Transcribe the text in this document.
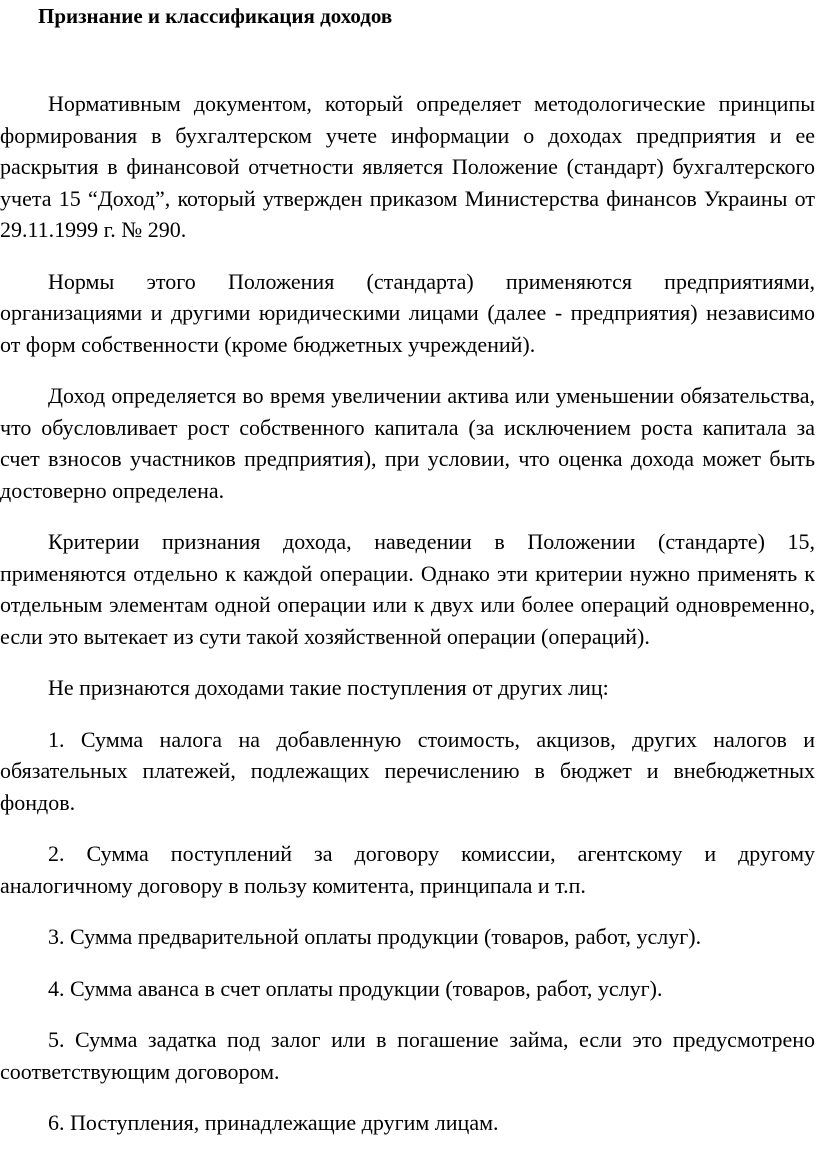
Признание и классификация доходов

Нормативным документом, который определяет методологические принципы формирования в бухгалтерском учете информации о доходах предприятия и ее раскрытия в финансовой отчетности является Положение (стандарт) бухгалтерского учета 15 “Доход”, который утвержден приказом Министерства финансов Украины от 29.11.1999 г. № 290.

Нормы этого Положения (стандарта) применяются предприятиями, организациями и другими юридическими лицами (далее - предприятия) независимо от форм собственности (кроме бюджетных учреждений).

Доход определяется во время увеличении актива или уменьшении обязательства, что обусловливает рост собственного капитала (за исключением роста капитала за счет взносов участников предприятия), при условии, что оценка дохода может быть достоверно определена.

Критерии признания дохода, наведении в Положении (стандарте) 15, применяются отдельно к каждой операции. Однако эти критерии нужно применять к отдельным элементам одной операции или к двух или более операций одновременно, если это вытекает из сути такой хозяйственной операции (операций).

Не признаются доходами такие поступления от других лиц:

1. Сумма налога на добавленную стоимость, акцизов, других налогов и обязательных платежей, подлежащих перечислению в бюджет и внебюджетных фондов.

2. Сумма поступлений за договору комиссии, агентскому и другому аналогичному договору в пользу комитента, принципала и т.п.

3. Сумма предварительной оплаты продукции (товаров, работ, услуг).

4. Сумма аванса в счет оплаты продукции (товаров, работ, услуг).

5. Сумма задатка под залог или в погашение займа, если это предусмотрено соответствующим договором.

6. Поступления, принадлежащие другим лицам.
